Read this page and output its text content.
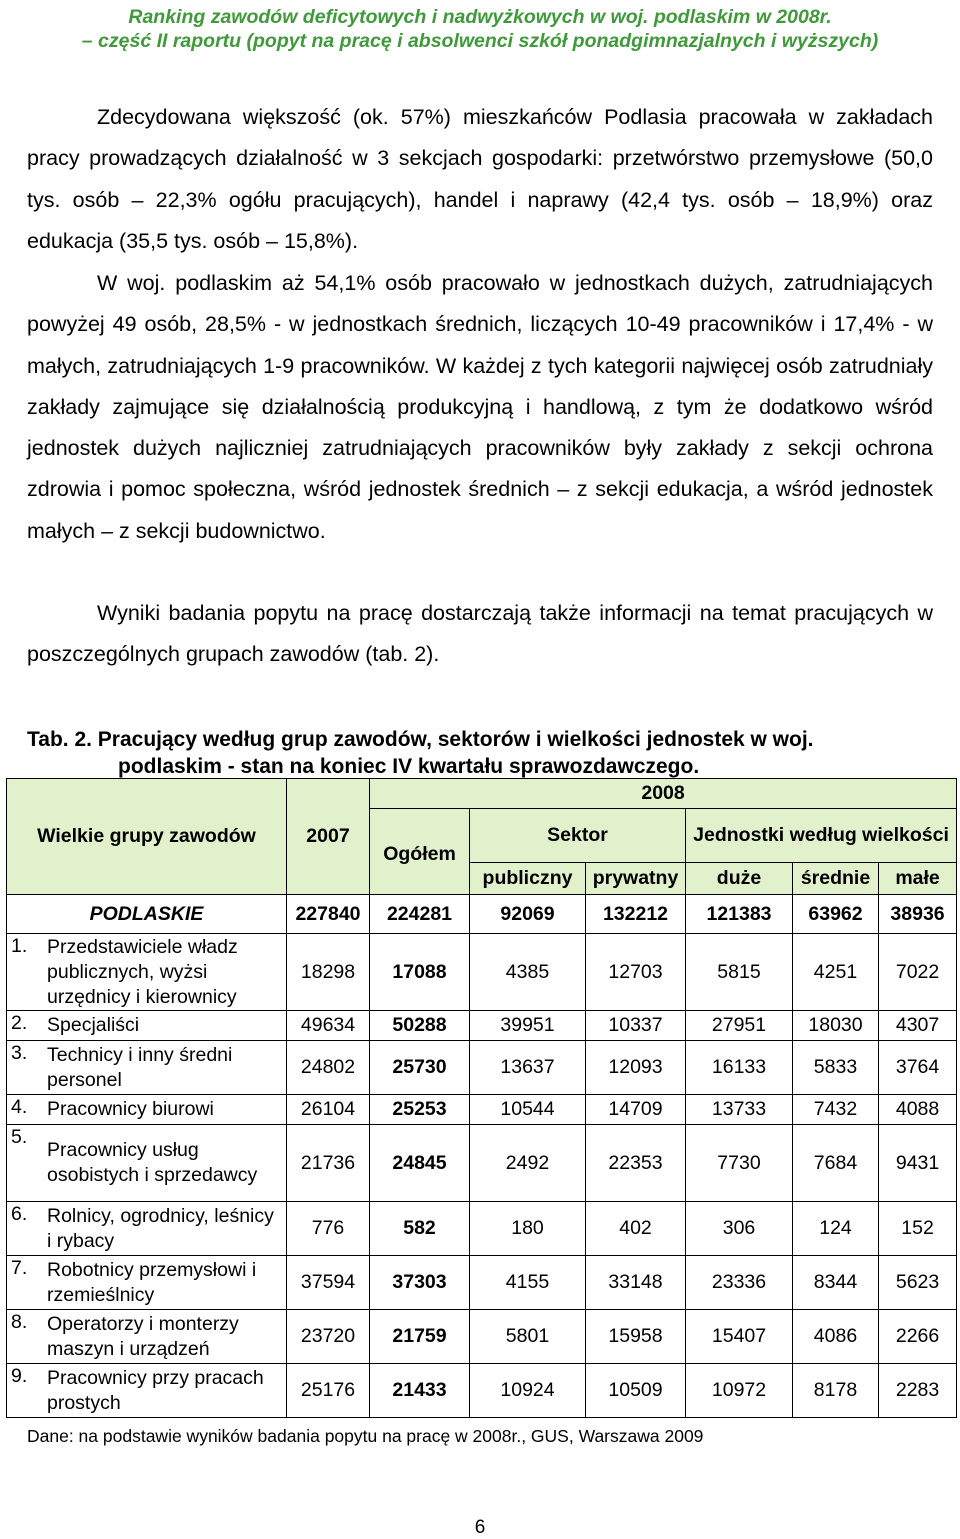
Ranking zawodów deficytowych i nadwyżkowych w woj. podlaskim w 2008r.
– część II raportu (popyt na pracę i absolwenci szkół ponadgimnazjalnych i wyższych)
Zdecydowana większość (ok. 57%) mieszkańców Podlasia pracowała w zakładach pracy prowadzących działalność w 3 sekcjach gospodarki: przetwórstwo przemysłowe (50,0 tys. osób – 22,3% ogółu pracujących), handel i naprawy (42,4 tys. osób – 18,9%) oraz edukacja (35,5 tys. osób – 15,8%).
W woj. podlaskim aż 54,1% osób pracowało w jednostkach dużych, zatrudniających powyżej 49 osób, 28,5% - w jednostkach średnich, liczących 10-49 pracowników i 17,4% - w małych, zatrudniających 1-9 pracowników. W każdej z tych kategorii najwięcej osób zatrudniały zakłady zajmujące się działalnością produkcyjną i handlową, z tym że dodatkowo wśród jednostek dużych najliczniej zatrudniających pracowników były zakłady z sekcji ochrona zdrowia i pomoc społeczna, wśród jednostek średnich – z sekcji edukacja, a wśród jednostek małych – z sekcji budownictwo.
Wyniki badania popytu na pracę dostarczają także informacji na temat pracujących w poszczególnych grupach zawodów (tab. 2).
Tab. 2. Pracujący według grup zawodów, sektorów i wielkości jednostek w woj.
podlaskim - stan na koniec IV kwartału sprawozdawczego.
Wielkie grupy zawodów	2007	2008					
		Ogółem	Sektor		Jednostki według wielkości		
			publiczny	prywatny	duże	średnie	małe
PODLASKIE	227840	224281	92069	132212	121383	63962	38936

1. Przedstawiciele władz publicznych, wyżsi urzędnicy i kierownicy	18298	17088	4385	12703	5815	4251	7022

2. Specjaliści	49634	50288	39951	10337	27951	18030	4307

3. Technicy i inny średni personel	24802	25730	13637	12093	16133	5833	3764

4. Pracownicy biurowi	26104	25253	10544	14709	13733	7432	4088

5.
Pracownicy usług osobistych i sprzedawcy	21736	24845	2492	22353	7730	7684	9431

6. Rolnicy, ogrodnicy, leśnicy i rybacy	776	582	180	402	306	124	152

7. Robotnicy przemysłowi i rzemieślnicy	37594	37303	4155	33148	23336	8344	5623

8. Operatorzy i monterzy maszyn i urządzeń	23720	21759	5801	15958	15407	4086	2266

9. Pracownicy przy pracach prostych	25176	21433	10924	10509	10972	8178	2283
Dane: na podstawie wyników badania popytu na pracę w 2008r., GUS, Warszawa 2009
6
